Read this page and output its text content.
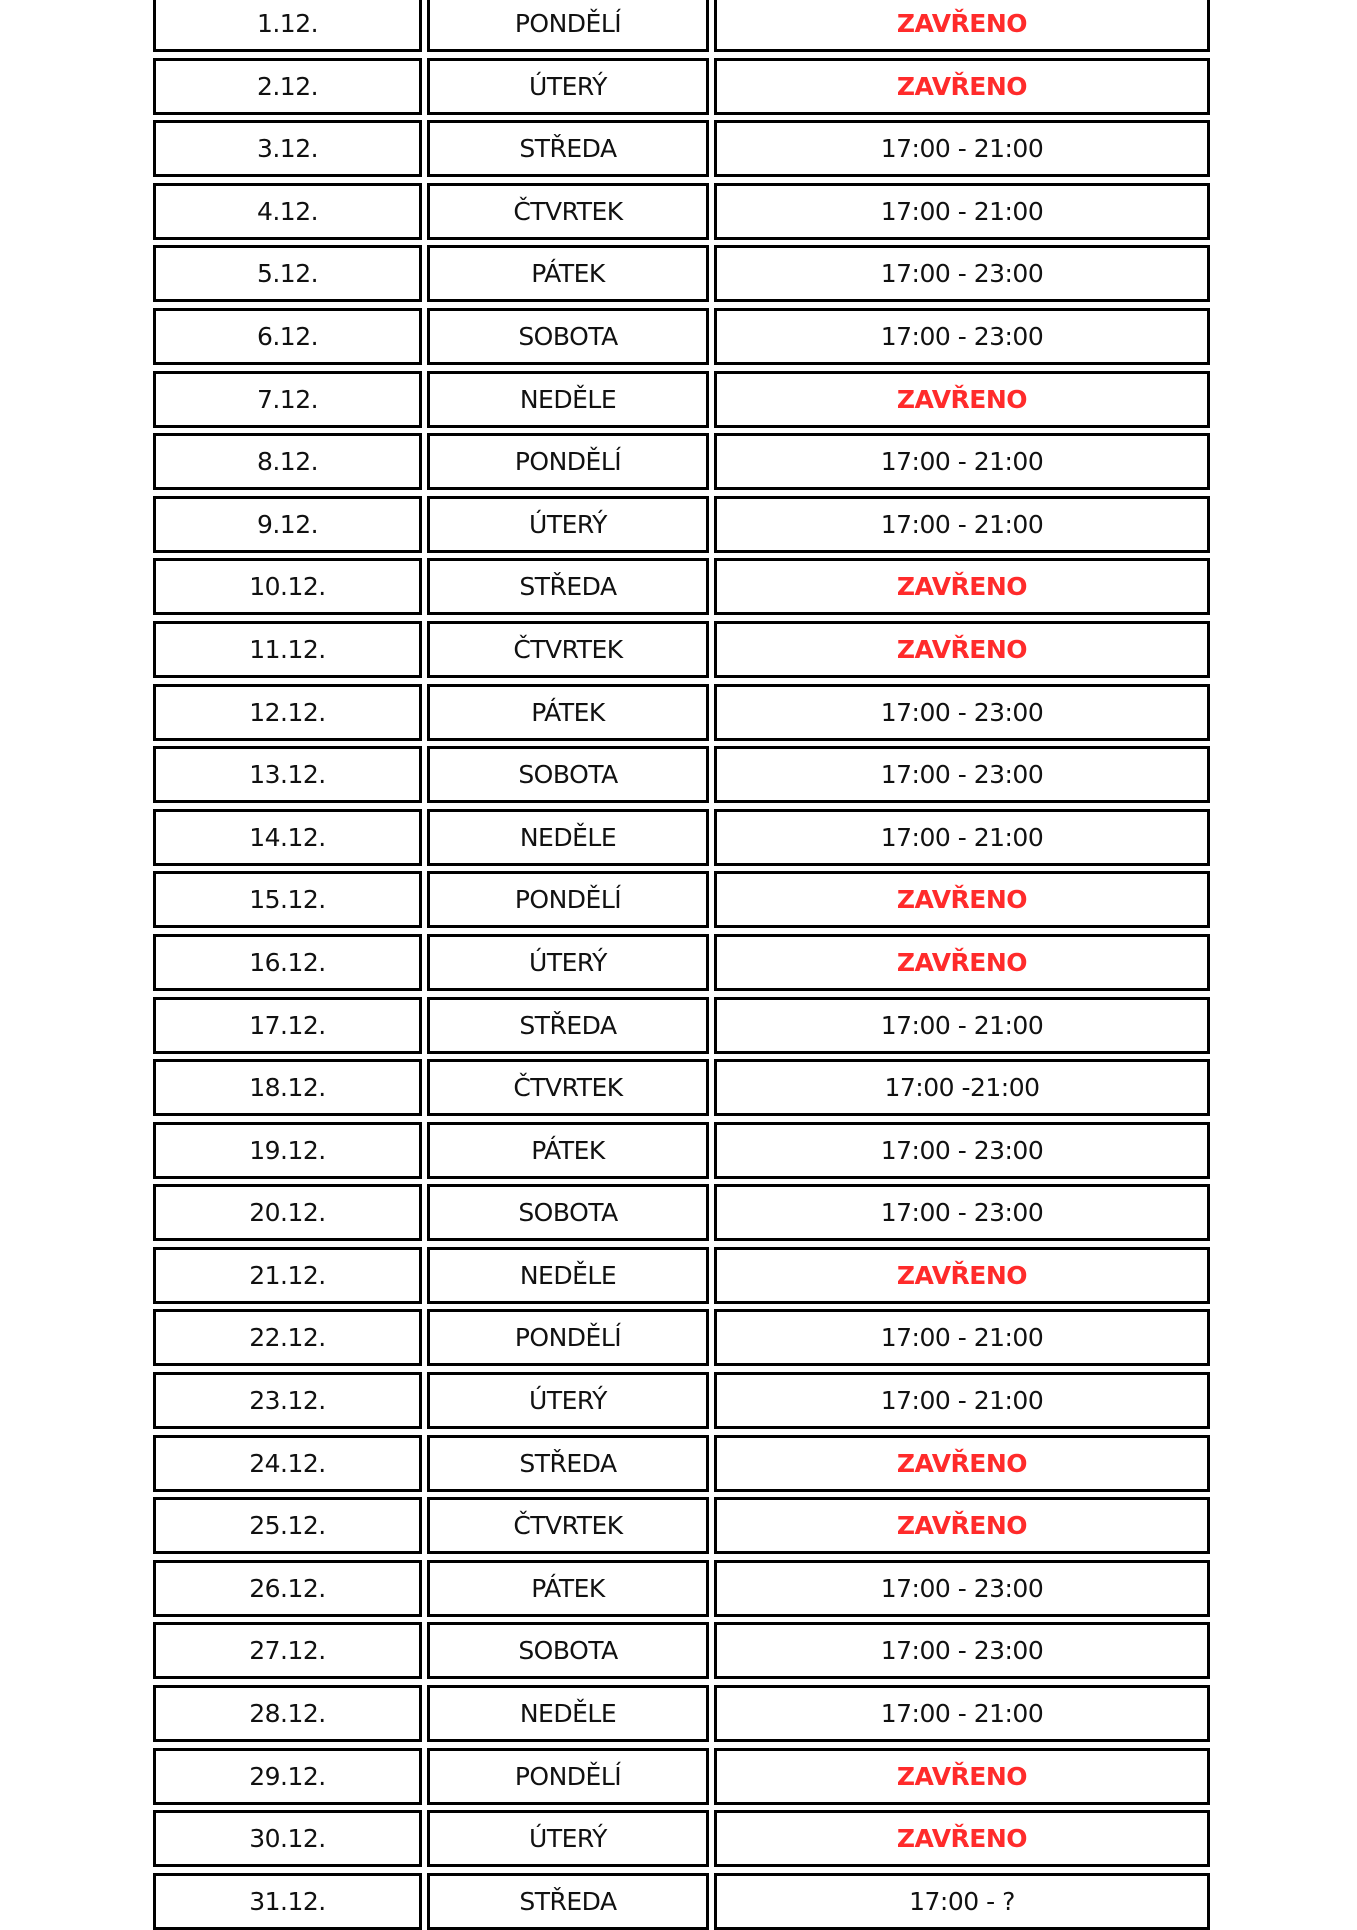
1.12.	PONDĚLÍ	ZAVŘENO
2.12.	ÚTERÝ	ZAVŘENO
3.12.	STŘEDA	17:00 - 21:00
4.12.	ČTVRTEK	17:00 - 21:00
5.12.	PÁTEK	17:00 - 23:00
6.12.	SOBOTA	17:00 - 23:00
7.12.	NEDĚLE	ZAVŘENO
8.12.	PONDĚLÍ	17:00 - 21:00
9.12.	ÚTERÝ	17:00 - 21:00
10.12.	STŘEDA	ZAVŘENO
11.12.	ČTVRTEK	ZAVŘENO
12.12.	PÁTEK	17:00 - 23:00
13.12.	SOBOTA	17:00 - 23:00
14.12.	NEDĚLE	17:00 - 21:00
15.12.	PONDĚLÍ	ZAVŘENO
16.12.	ÚTERÝ	ZAVŘENO
17.12.	STŘEDA	17:00 - 21:00
18.12.	ČTVRTEK	17:00 -21:00
19.12.	PÁTEK	17:00 - 23:00
20.12.	SOBOTA	17:00 - 23:00
21.12.	NEDĚLE	ZAVŘENO
22.12.	PONDĚLÍ	17:00 - 21:00
23.12.	ÚTERÝ	17:00 - 21:00
24.12.	STŘEDA	ZAVŘENO
25.12.	ČTVRTEK	ZAVŘENO
26.12.	PÁTEK	17:00 - 23:00
27.12.	SOBOTA	17:00 - 23:00
28.12.	NEDĚLE	17:00 - 21:00
29.12.	PONDĚLÍ	ZAVŘENO
30.12.	ÚTERÝ	ZAVŘENO
31.12.	STŘEDA	17:00 - ?
